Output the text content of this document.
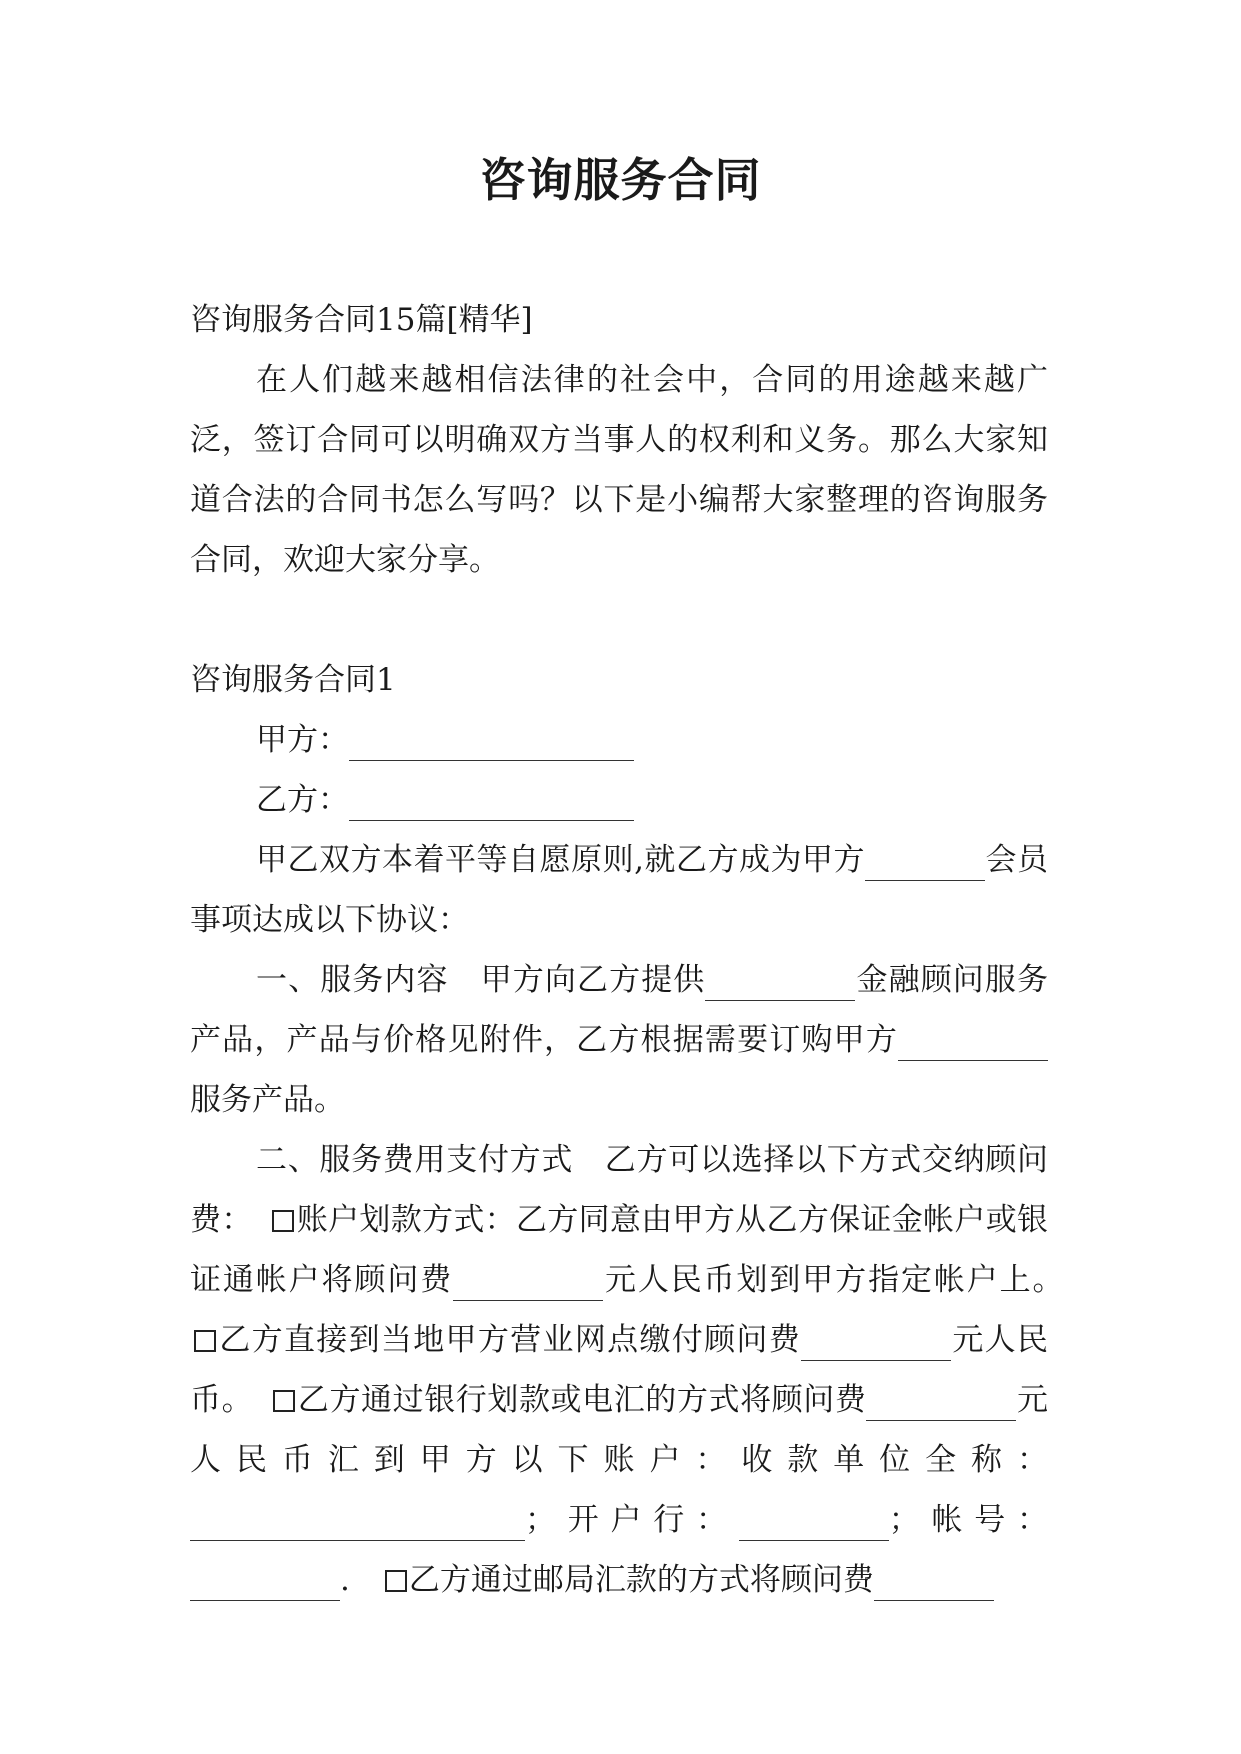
咨询服务合同

咨询服务合同15篇[精华]

在人们越来越相信法律的社会中，合同的用途越来越广泛，签订合同可以明确双方当事人的权利和义务。那么大家知道合法的合同书怎么写吗？以下是小编帮大家整理的咨询服务合同，欢迎大家分享。

咨询服务合同1

甲方：

乙方：

甲乙双方本着平等自愿原则,就乙方成为甲方	会员事项达成以下协议：

一、服务内容　甲方向乙方提供	金融顾问服务产品，产品与价格见附件，乙方根据需要订购甲方服务产品。

二、服务费用支付方式　乙方可以选择以下方式交纳顾问费：　账户划款方式：乙方同意由甲方从乙方保证金帐户或银证通帐户将顾问费	元人民币划到甲方指定帐户上。　乙方直接到当地甲方营业网点缴付顾问费	元人民币。　乙方通过银行划款或电汇的方式将顾问费	元人民币汇到甲方以下账户：收款单位全称：；开户行：	；帐号：.　乙方通过邮局汇款的方式将顾问费
